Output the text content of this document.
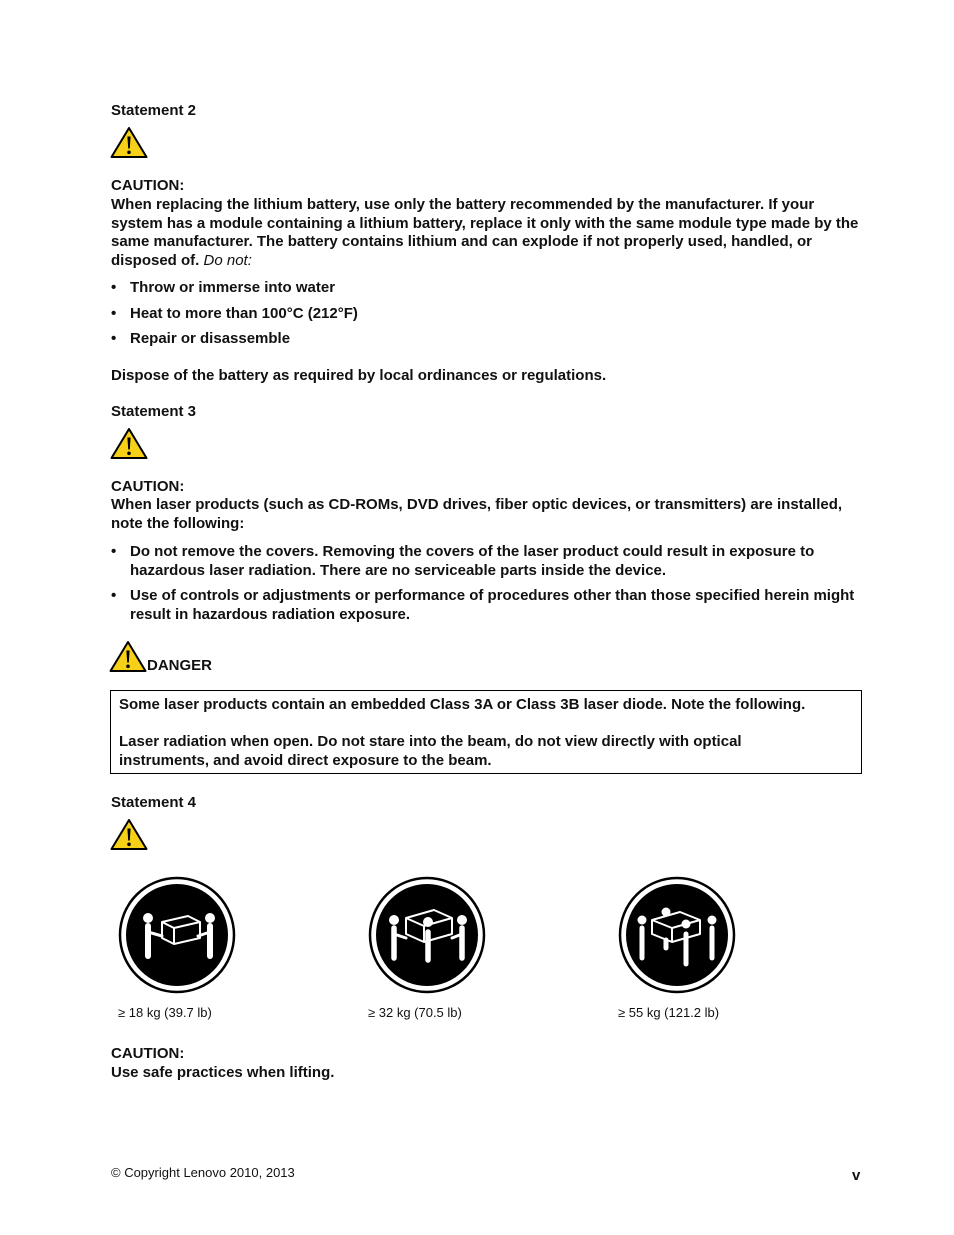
Statement 2
CAUTION:
When replacing the lithium battery, use only the battery recommended by the manufacturer. If your system has a module containing a lithium battery, replace it only with the same module type made by the same manufacturer. The battery contains lithium and can explode if not properly used, handled, or disposed of. Do not:
• Throw or immerse into water
• Heat to more than 100°C (212°F)
• Repair or disassemble
Dispose of the battery as required by local ordinances or regulations.
Statement 3
CAUTION:
When laser products (such as CD-ROMs, DVD drives, fiber optic devices, or transmitters) are installed, note the following:
• Do not remove the covers. Removing the covers of the laser product could result in exposure to hazardous laser radiation. There are no serviceable parts inside the device.
• Use of controls or adjustments or performance of procedures other than those specified herein might result in hazardous radiation exposure.
DANGER
Some laser products contain an embedded Class 3A or Class 3B laser diode. Note the following.
Laser radiation when open. Do not stare into the beam, do not view directly with optical instruments, and avoid direct exposure to the beam.
Statement 4
≥ 18 kg (39.7 lb)	≥ 32 kg (70.5 lb)	≥ 55 kg (121.2 lb)
CAUTION:
Use safe practices when lifting.
© Copyright Lenovo 2010, 2013	v
